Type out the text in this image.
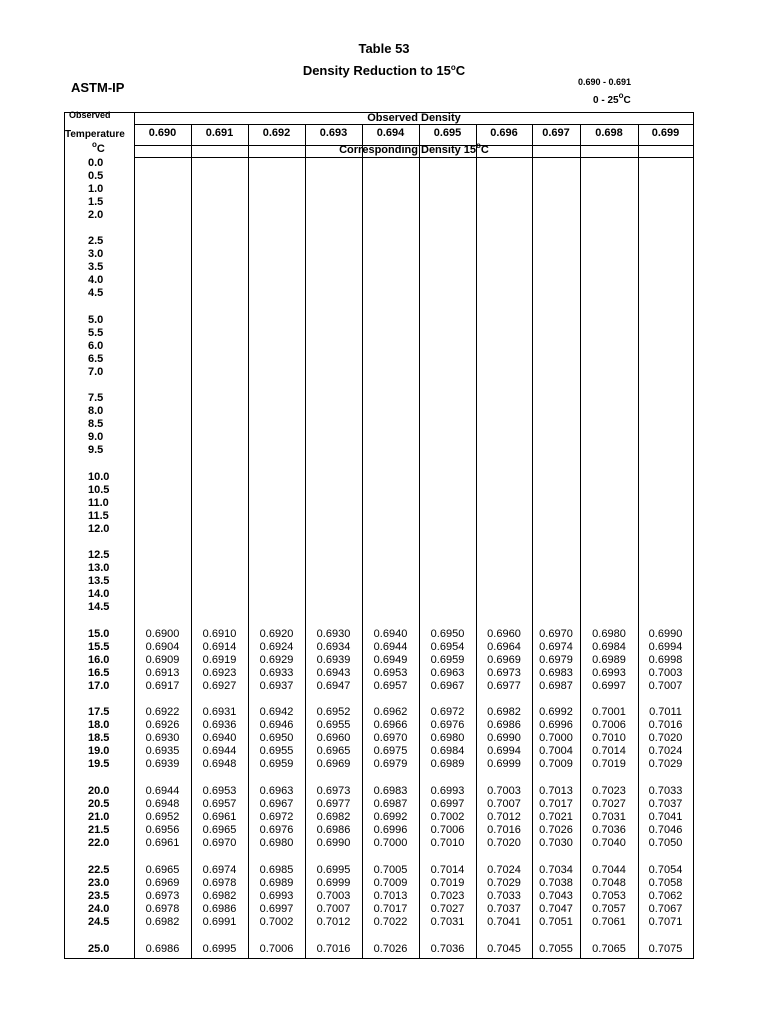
Table 53
Density Reduction to 15$^o$C
ASTM-IP	0.690 - 0.691
0 - 25$^o$C
Observed
Temperature
$^o$C
Observed Density
Corresponding Density 15$^o$C
0.690	0.691	0.692	0.693	0.694	0.695	0.696	0.697	0.698	0.699
0.0
0.5
1.0
1.5
2.0
2.5
3.0
3.5
4.0
4.5
5.0
5.5
6.0
6.5
7.0
7.5
8.0
8.5
9.0
9.5
10.0
10.5
11.0
11.5
12.0
12.5
13.0
13.5
14.0
14.5
15.0	0.6900	0.6910	0.6920	0.6930	0.6940	0.6950	0.6960	0.6970	0.6980	0.6990
15.5	0.6904	0.6914	0.6924	0.6934	0.6944	0.6954	0.6964	0.6974	0.6984	0.6994
16.0	0.6909	0.6919	0.6929	0.6939	0.6949	0.6959	0.6969	0.6979	0.6989	0.6998
16.5	0.6913	0.6923	0.6933	0.6943	0.6953	0.6963	0.6973	0.6983	0.6993	0.7003
17.0	0.6917	0.6927	0.6937	0.6947	0.6957	0.6967	0.6977	0.6987	0.6997	0.7007
17.5	0.6922	0.6931	0.6942	0.6952	0.6962	0.6972	0.6982	0.6992	0.7001	0.7011
18.0	0.6926	0.6936	0.6946	0.6955	0.6966	0.6976	0.6986	0.6996	0.7006	0.7016
18.5	0.6930	0.6940	0.6950	0.6960	0.6970	0.6980	0.6990	0.7000	0.7010	0.7020
19.0	0.6935	0.6944	0.6955	0.6965	0.6975	0.6984	0.6994	0.7004	0.7014	0.7024
19.5	0.6939	0.6948	0.6959	0.6969	0.6979	0.6989	0.6999	0.7009	0.7019	0.7029
20.0	0.6944	0.6953	0.6963	0.6973	0.6983	0.6993	0.7003	0.7013	0.7023	0.7033
20.5	0.6948	0.6957	0.6967	0.6977	0.6987	0.6997	0.7007	0.7017	0.7027	0.7037
21.0	0.6952	0.6961	0.6972	0.6982	0.6992	0.7002	0.7012	0.7021	0.7031	0.7041
21.5	0.6956	0.6965	0.6976	0.6986	0.6996	0.7006	0.7016	0.7026	0.7036	0.7046
22.0	0.6961	0.6970	0.6980	0.6990	0.7000	0.7010	0.7020	0.7030	0.7040	0.7050
22.5	0.6965	0.6974	0.6985	0.6995	0.7005	0.7014	0.7024	0.7034	0.7044	0.7054
23.0	0.6969	0.6978	0.6989	0.6999	0.7009	0.7019	0.7029	0.7038	0.7048	0.7058
23.5	0.6973	0.6982	0.6993	0.7003	0.7013	0.7023	0.7033	0.7043	0.7053	0.7062
24.0	0.6978	0.6986	0.6997	0.7007	0.7017	0.7027	0.7037	0.7047	0.7057	0.7067
24.5	0.6982	0.6991	0.7002	0.7012	0.7022	0.7031	0.7041	0.7051	0.7061	0.7071
25.0	0.6986	0.6995	0.7006	0.7016	0.7026	0.7036	0.7045	0.7055	0.7065	0.7075
